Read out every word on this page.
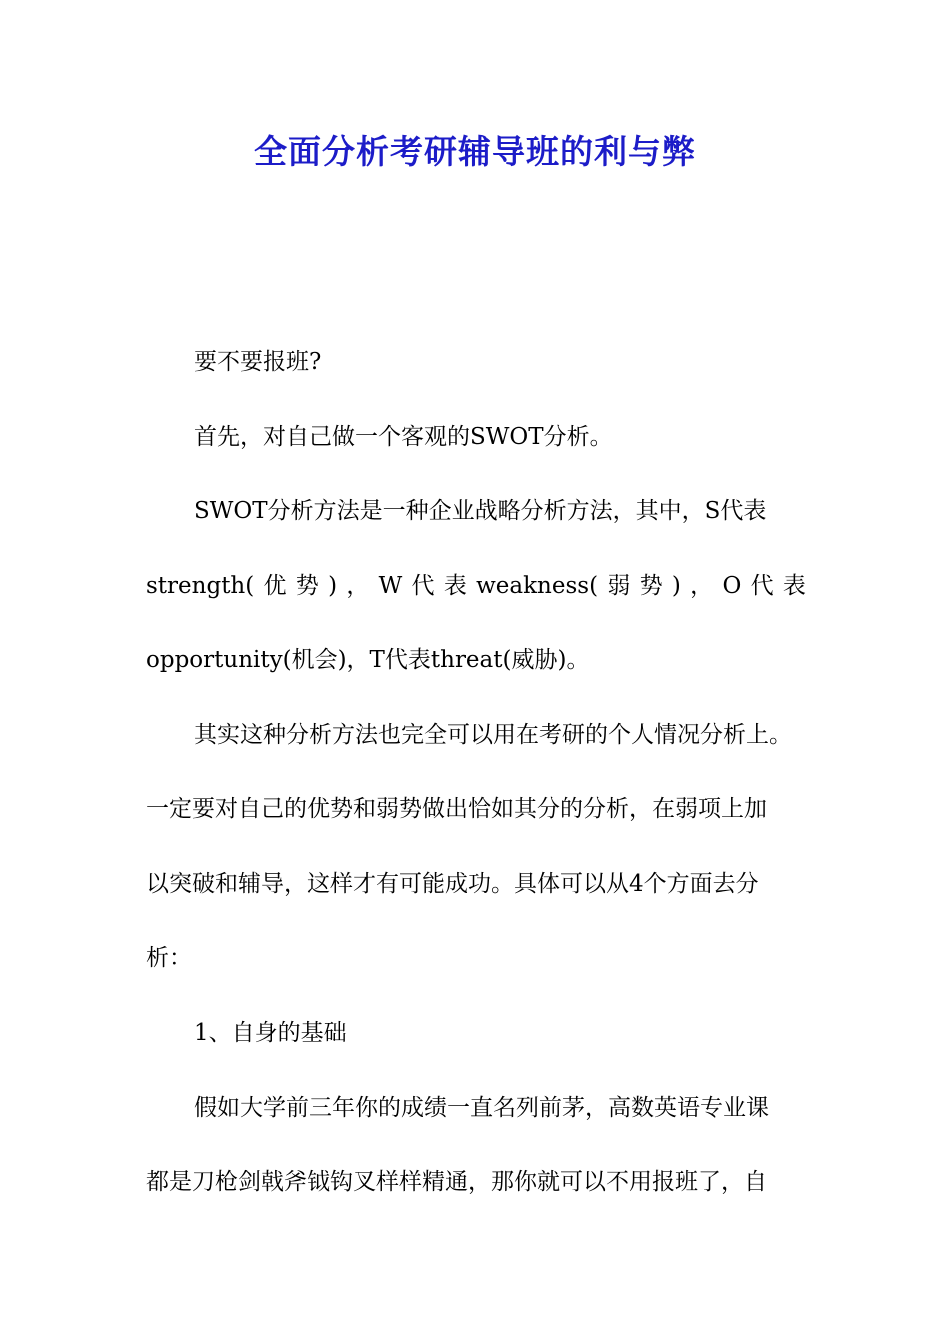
全面分析考研辅导班的利与弊

要不要报班?

首先，对自己做一个客观的SWOT分析。

SWOT分析方法是一种企业战略分析方法，其中，S代表

strength( 优 势 ) ， W 代 表 weakness( 弱 势 ) ， O 代 表

opportunity(机会)，T代表threat(威胁)。

其实这种分析方法也完全可以用在考研的个人情况分析上。

一定要对自己的优势和弱势做出恰如其分的分析，在弱项上加

以突破和辅导，这样才有可能成功。具体可以从4个方面去分

析：

1、自身的基础

假如大学前三年你的成绩一直名列前茅，高数英语专业课

都是刀枪剑戟斧钺钩叉样样精通，那你就可以不用报班了，自
